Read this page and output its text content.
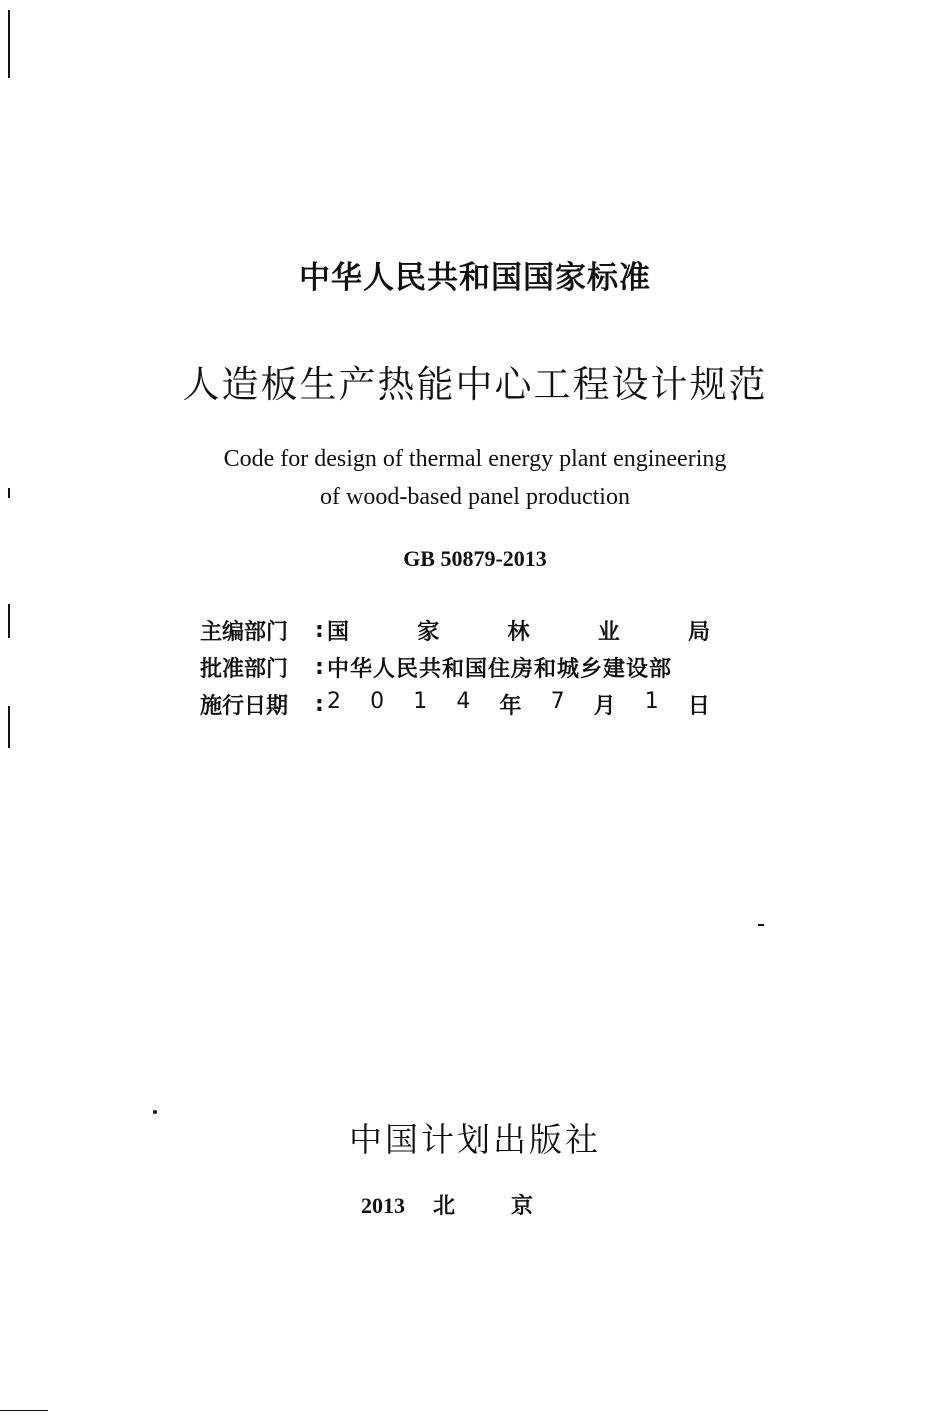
中华人民共和国国家标准
人造板生产热能中心工程设计规范
Code for design of thermal energy plant engineering
of wood-based panel production
GB 50879-2013
主编部门	: 国	家	林	业	局
批准部门	: 中华人民共和国住房和城乡建设部
施行日期	: 2 0 1 4 年 7 月 1 日
中国计划出版社
2013 北京
